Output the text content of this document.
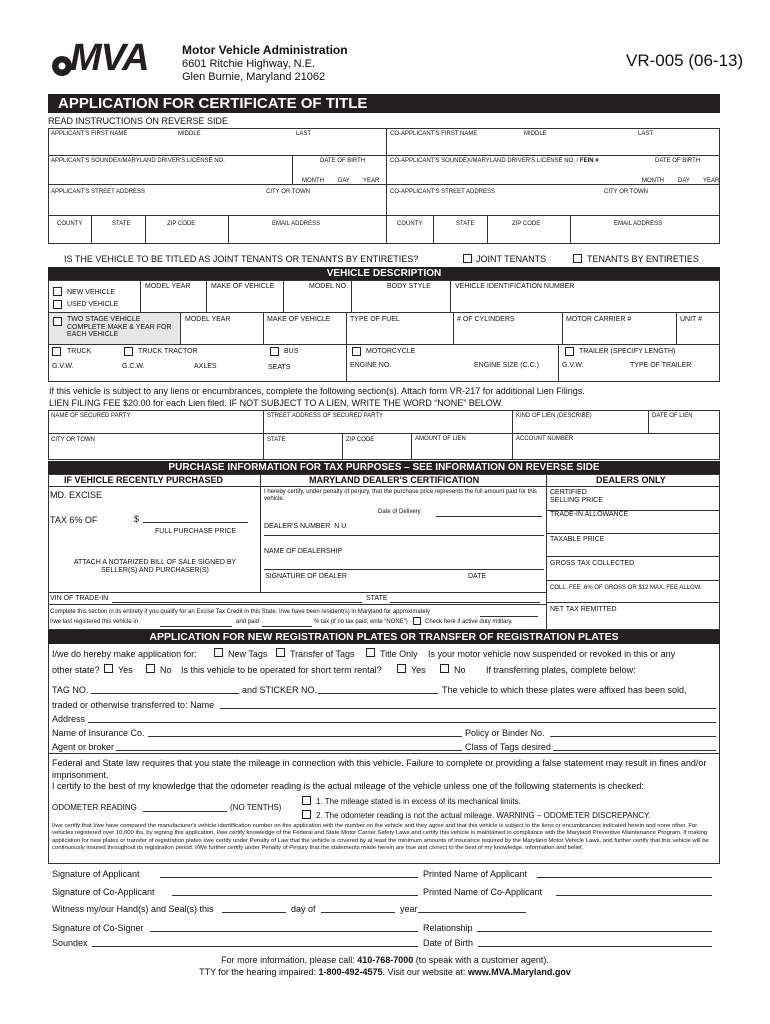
MVA	Motor Vehicle Administration
6601 Ritchie Highway, N.E.
Glen Burnie, Maryland 21062
VR-005 (06-13)
APPLICATION FOR CERTIFICATE OF TITLE
READ INSTRUCTIONS ON REVERSE SIDE
APPLICANT'S FIRST NAME	MIDDLE	LAST	CO-APPLICANT'S FIRST NAME	MIDDLE	LAST
APPLICANT'S SOUNDEX/MARYLAND DRIVER'S LICENSE NO.	DATE OF BIRTH	CO-APPLICANT'S SOUNDEX/MARYLAND DRIVER'S LICENSE NO. / FEIN #	DATE OF BIRTH
MONTH DAY YEAR	MONTH DAY YEAR
APPLICANT'S STREET ADDRESS	CITY OR TOWN	CO-APPLICANT'S STREET ADDRESS	CITY OR TOWN
COUNTY	STATE	ZIP CODE	EMAIL ADDRESS	COUNTY	STATE	ZIP CODE	EMAIL ADDRESS
IS THE VEHICLE TO BE TITLED AS JOINT TENANTS OR TENANTS BY ENTIRETIES?	JOINT TENANTS	TENANTS BY ENTIRETIES
VEHICLE DESCRIPTION
NEW VEHICLE
USED VEHICLE
MODEL YEAR	MAKE OF VEHICLE	MODEL NO.	BODY STYLE	VEHICLE IDENTIFICATION NUMBER
TWO STAGE VEHICLE COMPLETE MAKE & YEAR FOR EACH VEHICLE
MODEL YEAR	MAKE OF VEHICLE	TYPE OF FUEL	# OF CYLINDERS	MOTOR CARRIER #	UNIT #
TRUCK	TRUCK TRACTOR	BUS	MOTORCYCLE	TRAILER (SPECIFY LENGTH)
G.V.W.	G.C.W.	AXLES	SEATS	ENGINE NO.	ENGINE SIZE (C.C.)	G.V.W.	TYPE OF TRAILER
If this vehicle is subject to any liens or encumbrances, complete the following section(s). Attach form VR-217 for additional Lien Filings.
LIEN FILING FEE $20.00 for each Lien filed. IF NOT SUBJECT TO A LIEN, WRITE THE WORD “NONE” BELOW.
NAME OF SECURED PARTY	STREET ADDRESS OF SECURED PARTY	KIND OF LIEN (DESCRIBE)	DATE OF LIEN
CITY OR TOWN	STATE	ZIP CODE	AMOUNT OF LIEN	ACCOUNT NUMBER
PURCHASE INFORMATION FOR TAX PURPOSES – SEE INFORMATION ON REVERSE SIDE
IF VEHICLE RECENTLY PURCHASED	MARYLAND DEALER'S CERTIFICATION	DEALERS ONLY
MD. EXCISE
TAX 6% OF	$
FULL PURCHASE PRICE
ATTACH A NOTARIZED BILL OF SALE SIGNED BY SELLER(S) AND PURCHASER(S)
I hereby certify, under penalty of perjury, that the purchase price represents the full amount paid for this vehicle.
Date of Delivery
DEALER'S NUMBER N U
NAME OF DEALERSHIP
SIGNATURE OF DEALER	DATE
CERTIFIED SELLING PRICE
TRADE-IN ALLOWANCE
TAXABLE PRICE
GROSS TAX COLLECTED
COLL. FEE .6% OF GROSS OR $12 MAX. FEE ALLOW.
NET TAX REMITTED
VIN OF TRADE-IN	STATE
Complete this section in its entirety if you qualify for an Excise Tax Credit in this State. I/we have been resident(s) in Maryland for approximately
I/we last registered this vehicle in	and paid	% tax (if no tax paid, write “NONE”)	Check here if active duty military.
APPLICATION FOR NEW REGISTRATION PLATES OR TRANSFER OF REGISTRATION PLATES
I/we do hereby make application for:	New Tags	Transfer of Tags	Title Only Is your motor vehicle now suspended or revoked in this or any
other state? Yes	No Is this vehicle to be operated for short term rental?	Yes	No If transferring plates, complete below:
TAG NO.	and STICKER NO.	The vehicle to which these plates were affixed has been sold,
traded or otherwise transferred to: Name
Address
Name of Insurance Co.	Policy or Binder No.
Agent or broker	Class of Tags desired
Federal and State law requires that you state the mileage in connection with this vehicle. Failure to complete or providing a false statement may result in fines and/or imprisonment.
I certify to the best of my knowledge that the odometer reading is the actual mileage of the vehicle unless one of the following statements is checked:
ODOMETER READING	(NO TENTHS)
1. The mileage stated is in excess of its mechanical limits.
2. The odometer reading is not the actual mileage. WARNING – ODOMETER DISCREPANCY.
I/we certify that I/we have compared the manufacturer's vehicle identification number on this application with the number on the vehicle and they agree and that this vehicle is subject to the liens or encumbrances indicated herein and none other. For vehicles registered over 10,000 lbs. by signing this application, I/we certify knowledge of the Federal and State Motor Carrier Safety Laws and certify this vehicle is maintained in compliance with the Maryland Preventive Maintenance Program. If making application for new plates or transfer of registration plates I/we certify under Penalty of Law that the vehicle is covered by at least the minimum amounts of insurance required by the Maryland Motor Vehicle Laws, and further certify that this vehicle will be continuously insured throughout its registration period. I/We further certify under Penalty of Perjury that the statements made herein are true and correct to the best of my knowledge, information and belief.
Signature of Applicant	Printed Name of Applicant
Signature of Co-Applicant	Printed Name of Co-Applicant
Witness my/our Hand(s) and Seal(s) this	day of	year
Signature of Co-Signer	Relationship
Soundex	Date of Birth
For more information, please call: 410-768-7000 (to speak with a customer agent).
TTY for the hearing impaired: 1-800-492-4575. Visit our website at: www.MVA.Maryland.gov
